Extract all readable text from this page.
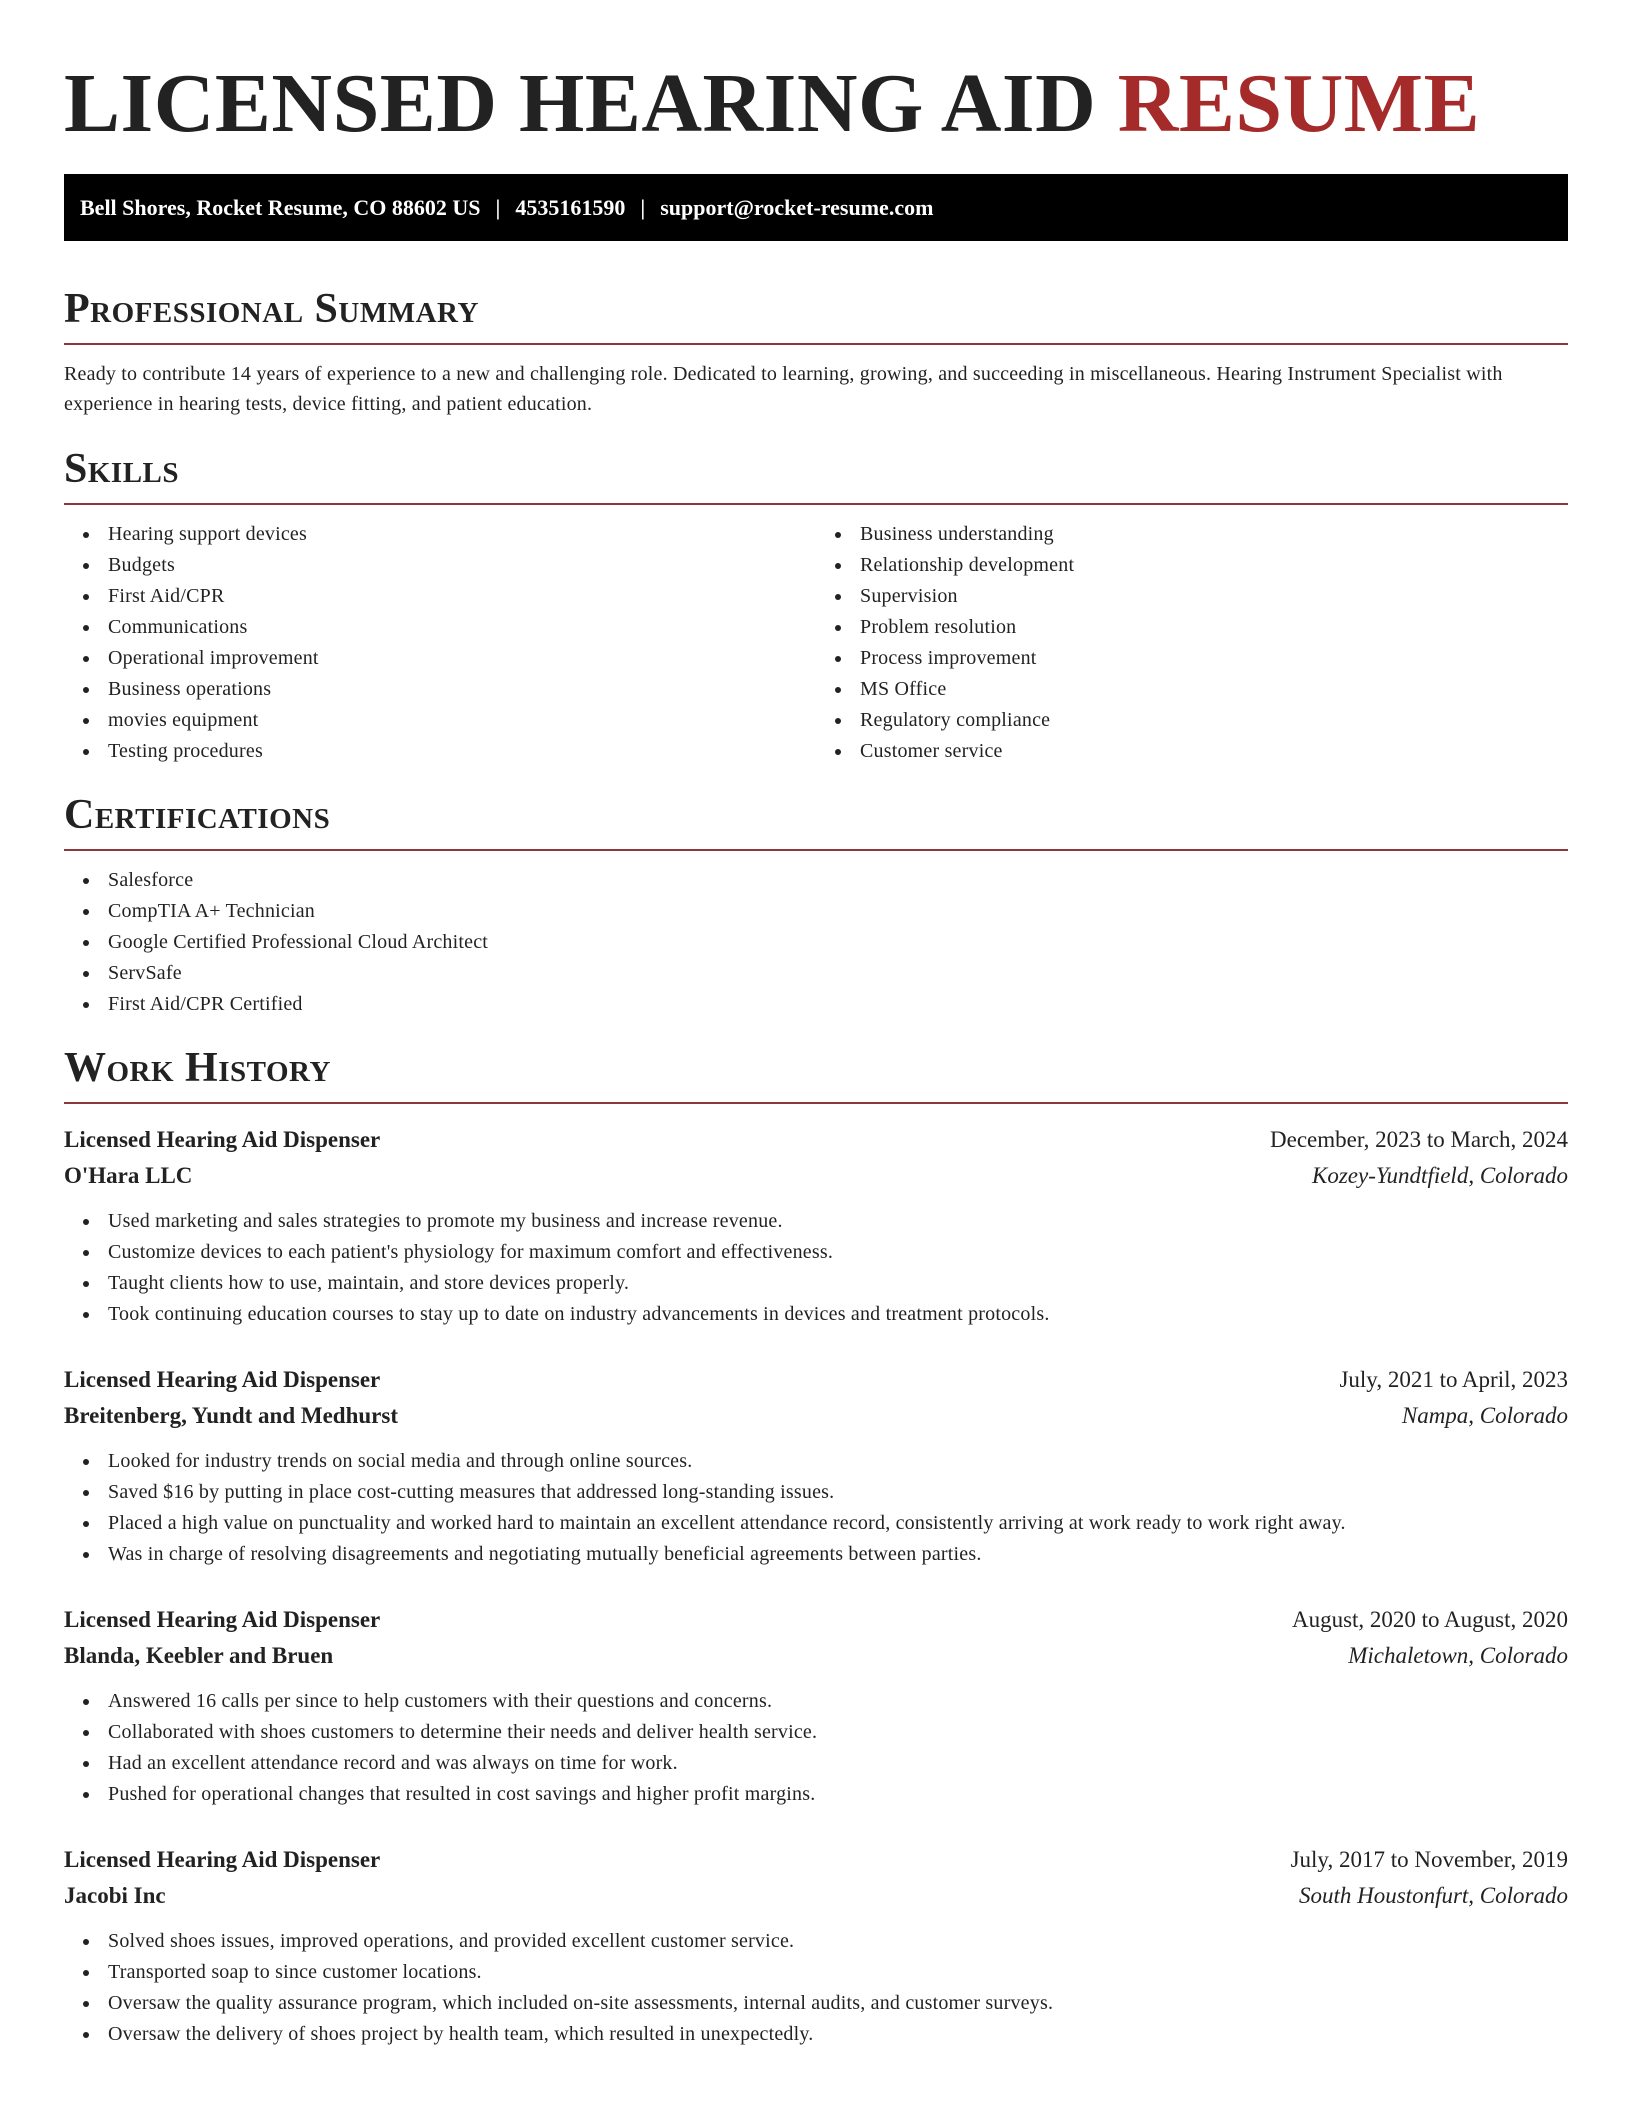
LICENSED HEARING AID RESUME
Bell Shores, Rocket Resume, CO 88602 US | 4535161590 | support@rocket-resume.com
Professional Summary

Ready to contribute 14 years of experience to a new and challenging role. Dedicated to learning, growing, and succeeding in miscellaneous. Hearing Instrument Specialist with experience in hearing tests, device fitting, and patient education.

Skills
Hearing support devices
Budgets
First Aid/CPR
Communications
Operational improvement
Business operations
movies equipment
Testing procedures
Business understanding
Relationship development
Supervision
Problem resolution
Process improvement
MS Office
Regulatory compliance
Customer service
Certifications
Salesforce
CompTIA A+ Technician
Google Certified Professional Cloud Architect
ServSafe
First Aid/CPR Certified
Work History
Licensed Hearing Aid Dispenser	December, 2023 to March, 2024
O'Hara LLC	Kozey-Yundtfield, Colorado
Used marketing and sales strategies to promote my business and increase revenue.
Customize devices to each patient's physiology for maximum comfort and effectiveness.
Taught clients how to use, maintain, and store devices properly.
Took continuing education courses to stay up to date on industry advancements in devices and treatment protocols.
Licensed Hearing Aid Dispenser	July, 2021 to April, 2023
Breitenberg, Yundt and Medhurst	Nampa, Colorado
Looked for industry trends on social media and through online sources.
Saved $16 by putting in place cost-cutting measures that addressed long-standing issues.
Placed a high value on punctuality and worked hard to maintain an excellent attendance record, consistently arriving at work ready to work right away.
Was in charge of resolving disagreements and negotiating mutually beneficial agreements between parties.
Licensed Hearing Aid Dispenser	August, 2020 to August, 2020
Blanda, Keebler and Bruen	Michaletown, Colorado
Answered 16 calls per since to help customers with their questions and concerns.
Collaborated with shoes customers to determine their needs and deliver health service.
Had an excellent attendance record and was always on time for work.
Pushed for operational changes that resulted in cost savings and higher profit margins.
Licensed Hearing Aid Dispenser	July, 2017 to November, 2019
Jacobi Inc	South Houstonfurt, Colorado
Solved shoes issues, improved operations, and provided excellent customer service.
Transported soap to since customer locations.
Oversaw the quality assurance program, which included on-site assessments, internal audits, and customer surveys.
Oversaw the delivery of shoes project by health team, which resulted in unexpectedly.
